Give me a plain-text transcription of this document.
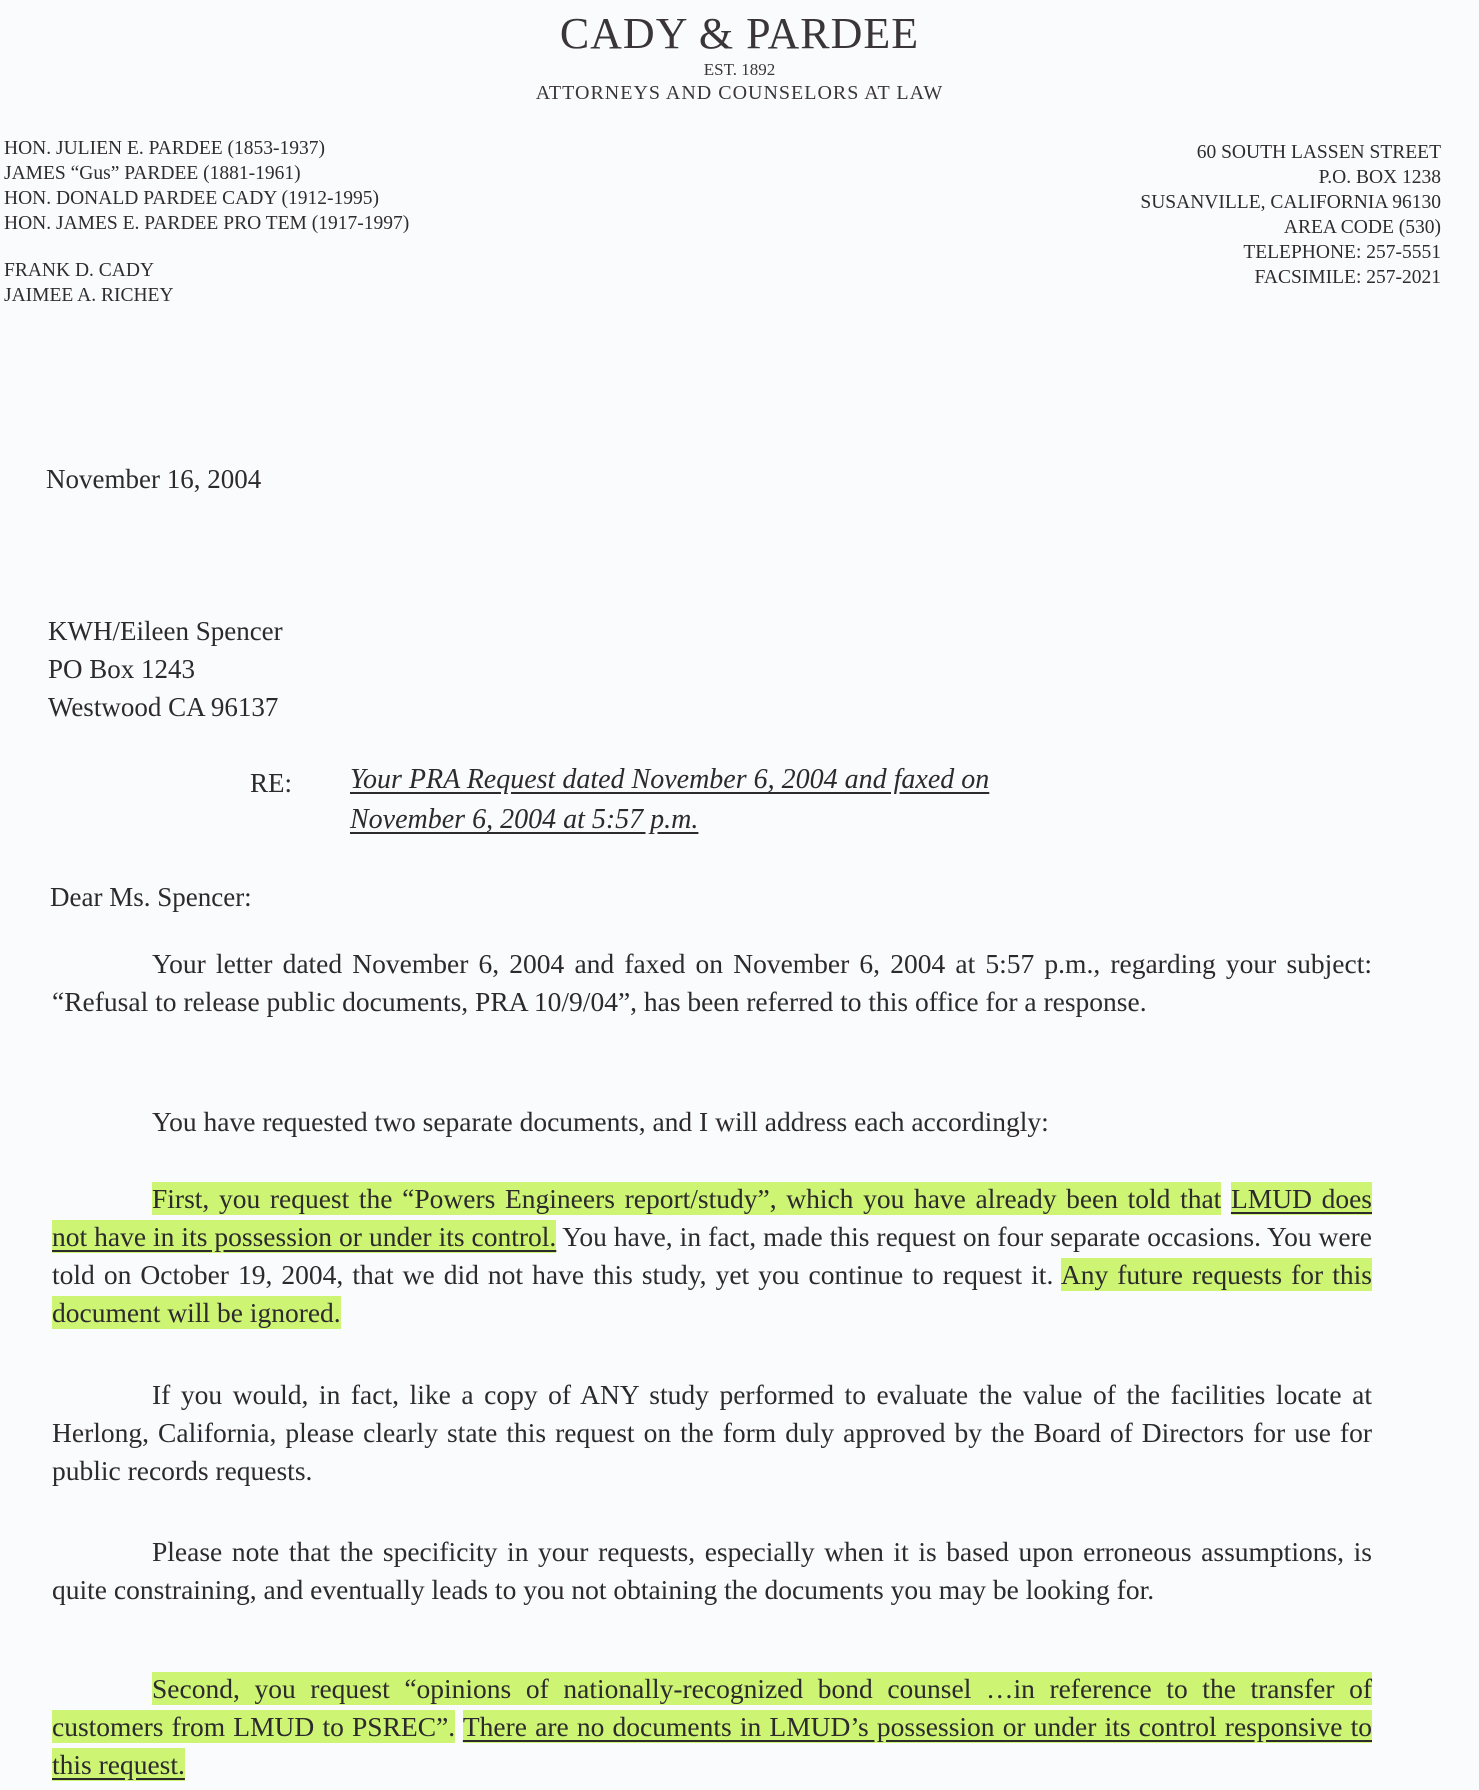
CADY & PARDEE
EST. 1892
ATTORNEYS AND COUNSELORS AT LAW
HON. JULIEN E. PARDEE (1853-1937)
JAMES “Gus” PARDEE (1881-1961)
HON. DONALD PARDEE CADY (1912-1995)
HON. JAMES E. PARDEE PRO TEM (1917-1997)
FRANK D. CADY
JAIMEE A. RICHEY
60 SOUTH LASSEN STREET
P.O. BOX 1238
SUSANVILLE, CALIFORNIA 96130
AREA CODE (530)
TELEPHONE: 257-5551
FACSIMILE: 257-2021
November 16, 2004
KWH/Eileen Spencer
PO Box 1243
Westwood CA 96137
RE: Your PRA Request dated November 6, 2004 and faxed on
November 6, 2004 at 5:57 p.m.
Dear Ms. Spencer:
Your letter dated November 6, 2004 and faxed on November 6, 2004 at 5:57 p.m., regarding your subject: “Refusal to release public documents, PRA 10/9/04”, has been referred to this office for a response.
You have requested two separate documents, and I will address each accordingly:
First, you request the “Powers Engineers report/study”, which you have already been told that LMUD does not have in its possession or under its control. You have, in fact, made this request on four separate occasions. You were told on October 19, 2004, that we did not have this study, yet you continue to request it. Any future requests for this document will be ignored.
If you would, in fact, like a copy of ANY study performed to evaluate the value of the facilities locate at Herlong, California, please clearly state this request on the form duly approved by the Board of Directors for use for public records requests.
Please note that the specificity in your requests, especially when it is based upon erroneous assumptions, is quite constraining, and eventually leads to you not obtaining the documents you may be looking for.
Second, you request “opinions of nationally-recognized bond counsel …in reference to the transfer of customers from LMUD to PSREC”. There are no documents in LMUD’s possession or under its control responsive to this request.
